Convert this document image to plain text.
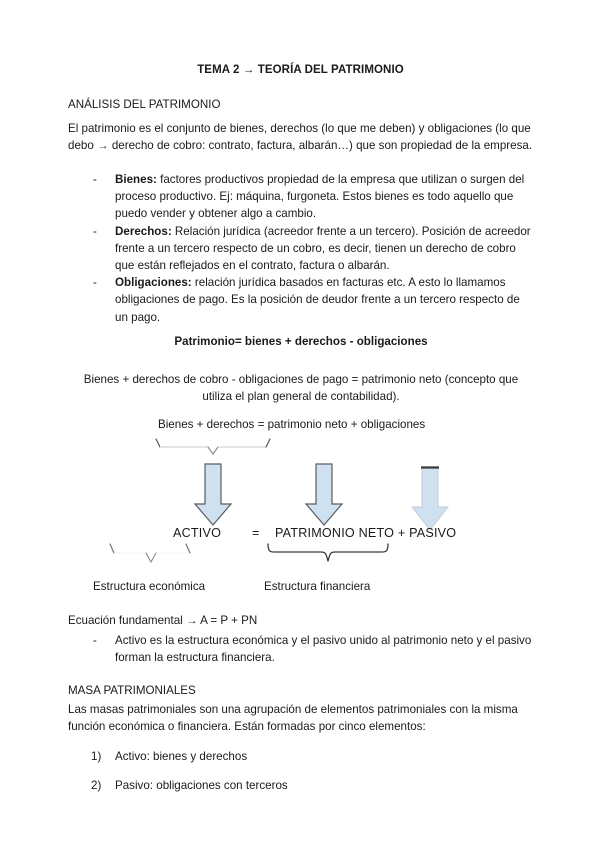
TEMA 2 → TEORÍA DEL PATRIMONIO
ANÁLISIS DEL PATRIMONIO
El patrimonio es el conjunto de bienes, derechos (lo que me deben) y obligaciones (lo que debo → derecho de cobro: contrato, factura, albarán…) que son propiedad de la empresa.

- Bienes: factores productivos propiedad de la empresa que utilizan o surgen del proceso productivo. Ej: máquina, furgoneta. Estos bienes es todo aquello que puedo vender y obtener algo a cambio.

- Derechos: Relación jurídica (acreedor frente a un tercero). Posición de acreedor frente a un tercero respecto de un cobro, es decir, tienen un derecho de cobro que están reflejados en el contrato, factura o albarán.

- Obligaciones: relación jurídica basados en facturas etc. A esto lo llamamos obligaciones de pago. Es la posición de deudor frente a un tercero respecto de un pago.

Patrimonio= bienes + derechos - obligaciones
Bienes + derechos de cobro - obligaciones de pago = patrimonio neto (concepto que utiliza el plan general de contabilidad).
Bienes + derechos = patrimonio neto + obligaciones
ACTIVO = PATRIMONIO NETO + PASIVO
Estructura económica	Estructura financiera
Ecuación fundamental → A = P + PN

- Activo es la estructura económica y el pasivo unido al patrimonio neto y el pasivo forman la estructura financiera.

MASA PATRIMONIALES
Las masas patrimoniales son una agrupación de elementos patrimoniales con la misma función económica o financiera. Están formadas por cinco elementos:

1) Activo: bienes y derechos

2) Pasivo: obligaciones con terceros
